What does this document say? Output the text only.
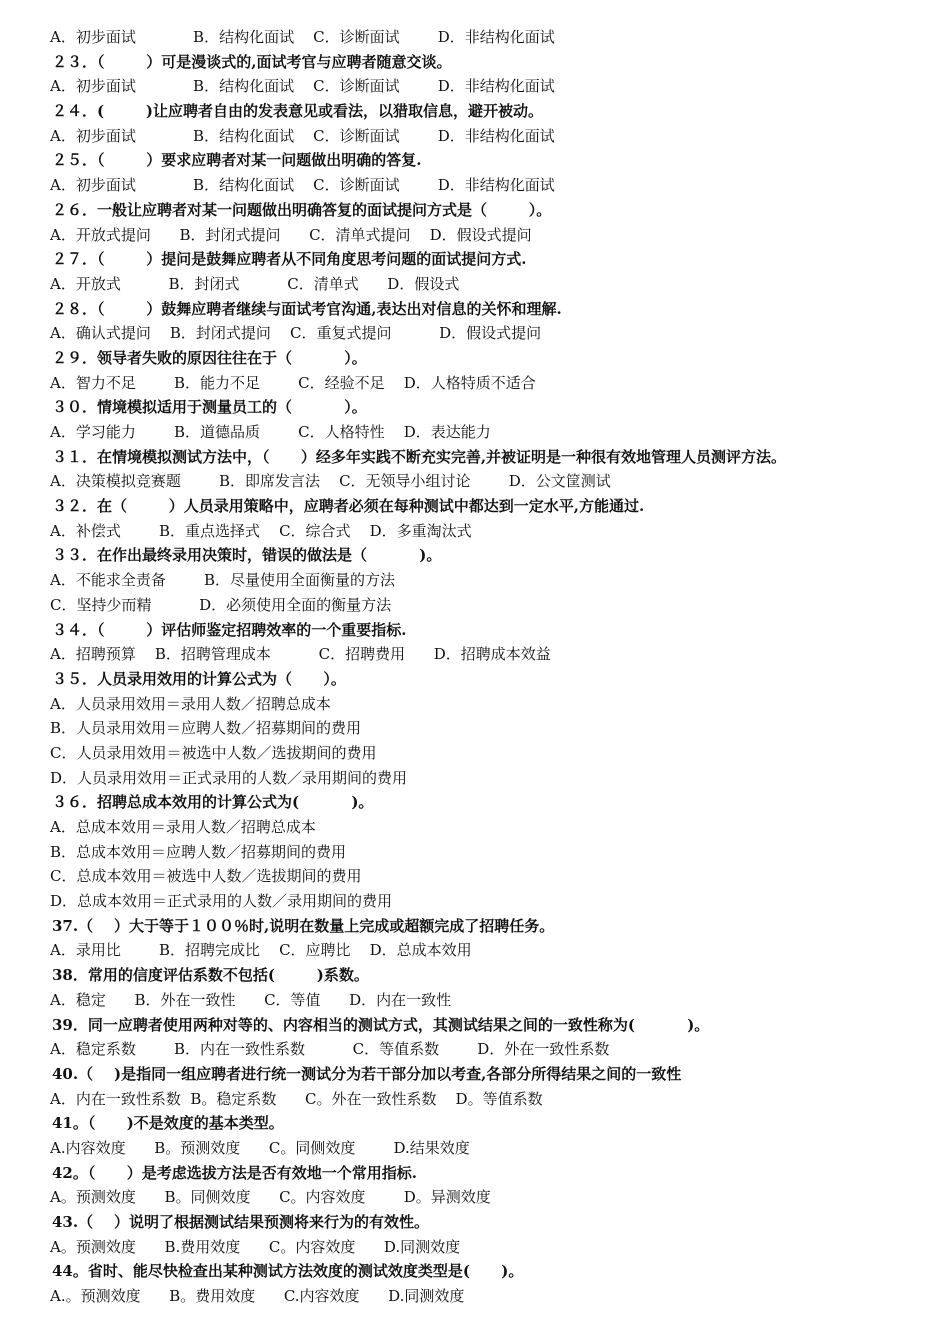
A．初步面试            B．结构化面试    C．诊断面试        D．非结构化面试
２３．（        ）可是漫谈式的,面试考官与应聘者随意交谈。
A．初步面试            B．结构化面试    C．诊断面试        D．非结构化面试
２４．(        )让应聘者自由的发表意见或看法，以猎取信息，避开被动。
A．初步面试            B．结构化面试    C．诊断面试        D．非结构化面试
２５．（        ）要求应聘者对某一问题做出明确的答复.
A．初步面试            B．结构化面试    C．诊断面试        D．非结构化面试
２６．一般让应聘者对某一问题做出明确答复的面试提问方式是（        ）。
A．开放式提问      B．封闭式提问      C．清单式提问    D．假设式提问
２７．（        ）提问是鼓舞应聘者从不同角度思考问题的面试提问方式.
A．开放式          B．封闭式          C．清单式      D．假设式
２８．（        ）鼓舞应聘者继续与面试考官沟通,表达出对信息的关怀和理解.
A．确认式提问    B．封闭式提问    C．重复式提问          D．假设式提问
２９．领导者失败的原因往往在于（          ）。
A．智力不足        B．能力不足        C．经验不足    D．人格特质不适合
３０．情境模拟适用于测量员工的（          ）。
A．学习能力        B．道德品质        C．人格特性    D．表达能力
３１．在情境模拟测试方法中，（      ）经多年实践不断充实完善,并被证明是一种很有效地管理人员测评方法。
A．决策模拟竞赛题        B．即席发言法    C．无领导小组讨论        D．公文筐测试
３２．在（        ）人员录用策略中，应聘者必须在每种测试中都达到一定水平,方能通过.
A．补偿式        B．重点选择式    C．综合式    D．多重淘汰式
３３．在作出最终录用决策时，错误的做法是（          )。
A．不能求全责备        B．尽量使用全面衡量的方法
C．坚持少而精          D．必须使用全面的衡量方法
３４．（        ）评估师鉴定招聘效率的一个重要指标.
A．招聘预算    B．招聘管理成本          C．招聘费用      D．招聘成本效益
３５．人员录用效用的计算公式为（      ）。
A．人员录用效用＝录用人数／招聘总成本
B．人员录用效用＝应聘人数／招募期间的费用
C．人员录用效用＝被选中人数／选拔期间的费用
D．人员录用效用＝正式录用的人数／录用期间的费用
３６．招聘总成本效用的计算公式为(          )。
A．总成本效用＝录用人数／招聘总成本
B．总成本效用＝应聘人数／招募期间的费用
C．总成本效用＝被选中人数／选拔期间的费用
D．总成本效用＝正式录用的人数／录用期间的费用
37.（    ）大于等于１００％时,说明在数量上完成或超额完成了招聘任务。
A．录用比        B．招聘完成比    C．应聘比    D．总成本效用
38．常用的信度评估系数不包括(        )系数。
A．稳定      B．外在一致性      C．等值      D．内在一致性
39．同一应聘者使用两种对等的、内容相当的测试方式，其测试结果之间的一致性称为(          )。
A．稳定系数        B．内在一致性系数          C．等值系数        D．外在一致性系数
40.（    )是指同一组应聘者进行统一测试分为若干部分加以考查,各部分所得结果之间的一致性
A．内在一致性系数  B。稳定系数      C。外在一致性系数    D。等值系数
41。（      )不是效度的基本类型。
A.内容效度      B。预测效度      C。同侧效度        D.结果效度
42。（      ）是考虑选拔方法是否有效地一个常用指标.
A。预测效度      B。同侧效度      C。内容效度        D。异测效度
43.（    ）说明了根据测试结果预测将来行为的有效性。
A。预测效度      B.费用效度      C。内容效度      D.同测效度
44。省时、能尽快检查出某种测试方法效度的测试效度类型是(      )。
A.。预测效度      B。费用效度      C.内容效度      D.同测效度
